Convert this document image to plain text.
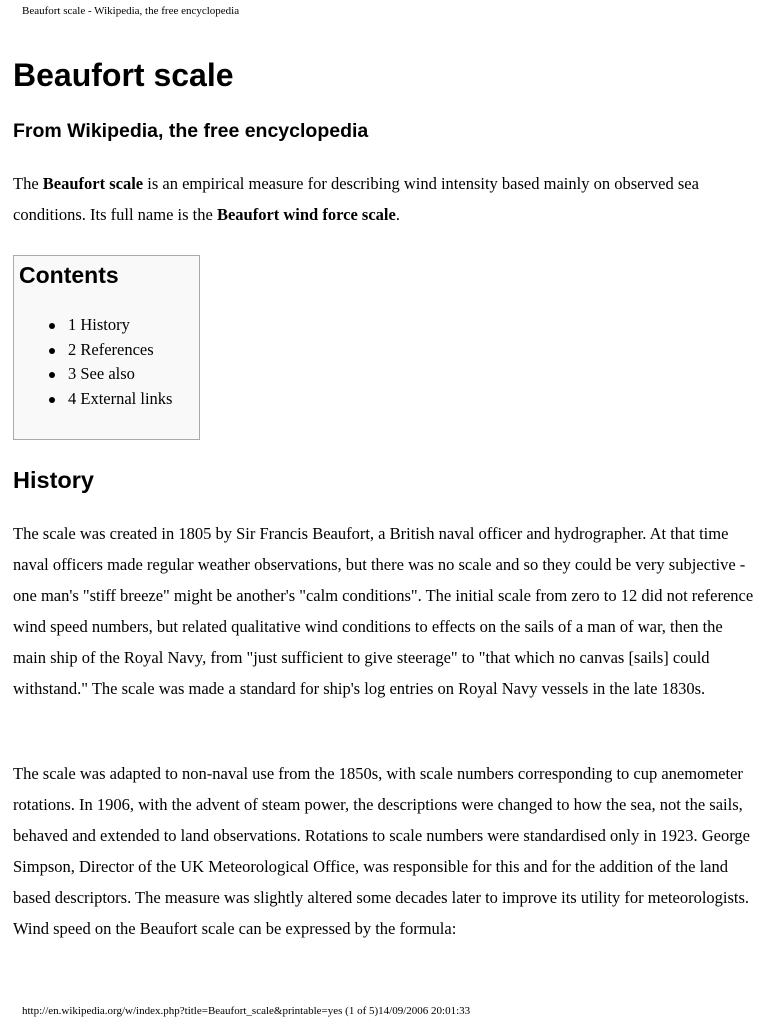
Beaufort scale - Wikipedia, the free encyclopedia
Beaufort scale
From Wikipedia, the free encyclopedia

The Beaufort scale is an empirical measure for describing wind intensity based mainly on observed sea conditions. Its full name is the Beaufort wind force scale.

Contents
1 History
2 References
3 See also
4 External links
History

The scale was created in 1805 by Sir Francis Beaufort, a British naval officer and hydrographer. At that time naval officers made regular weather observations, but there was no scale and so they could be very subjective - one man's "stiff breeze" might be another's "calm conditions". The initial scale from zero to 12 did not reference wind speed numbers, but related qualitative wind conditions to effects on the sails of a man of war, then the main ship of the Royal Navy, from "just sufficient to give steerage" to "that which no canvas [sails] could withstand." The scale was made a standard for ship's log entries on Royal Navy vessels in the late 1830s.

The scale was adapted to non-naval use from the 1850s, with scale numbers corresponding to cup anemometer rotations. In 1906, with the advent of steam power, the descriptions were changed to how the sea, not the sails, behaved and extended to land observations. Rotations to scale numbers were standardised only in 1923. George Simpson, Director of the UK Meteorological Office, was responsible for this and for the addition of the land based descriptors. The measure was slightly altered some decades later to improve its utility for meteorologists. Wind speed on the Beaufort scale can be expressed by the formula:

http://en.wikipedia.org/w/index.php?title=Beaufort_scale&printable=yes (1 of 5)14/09/2006 20:01:33
